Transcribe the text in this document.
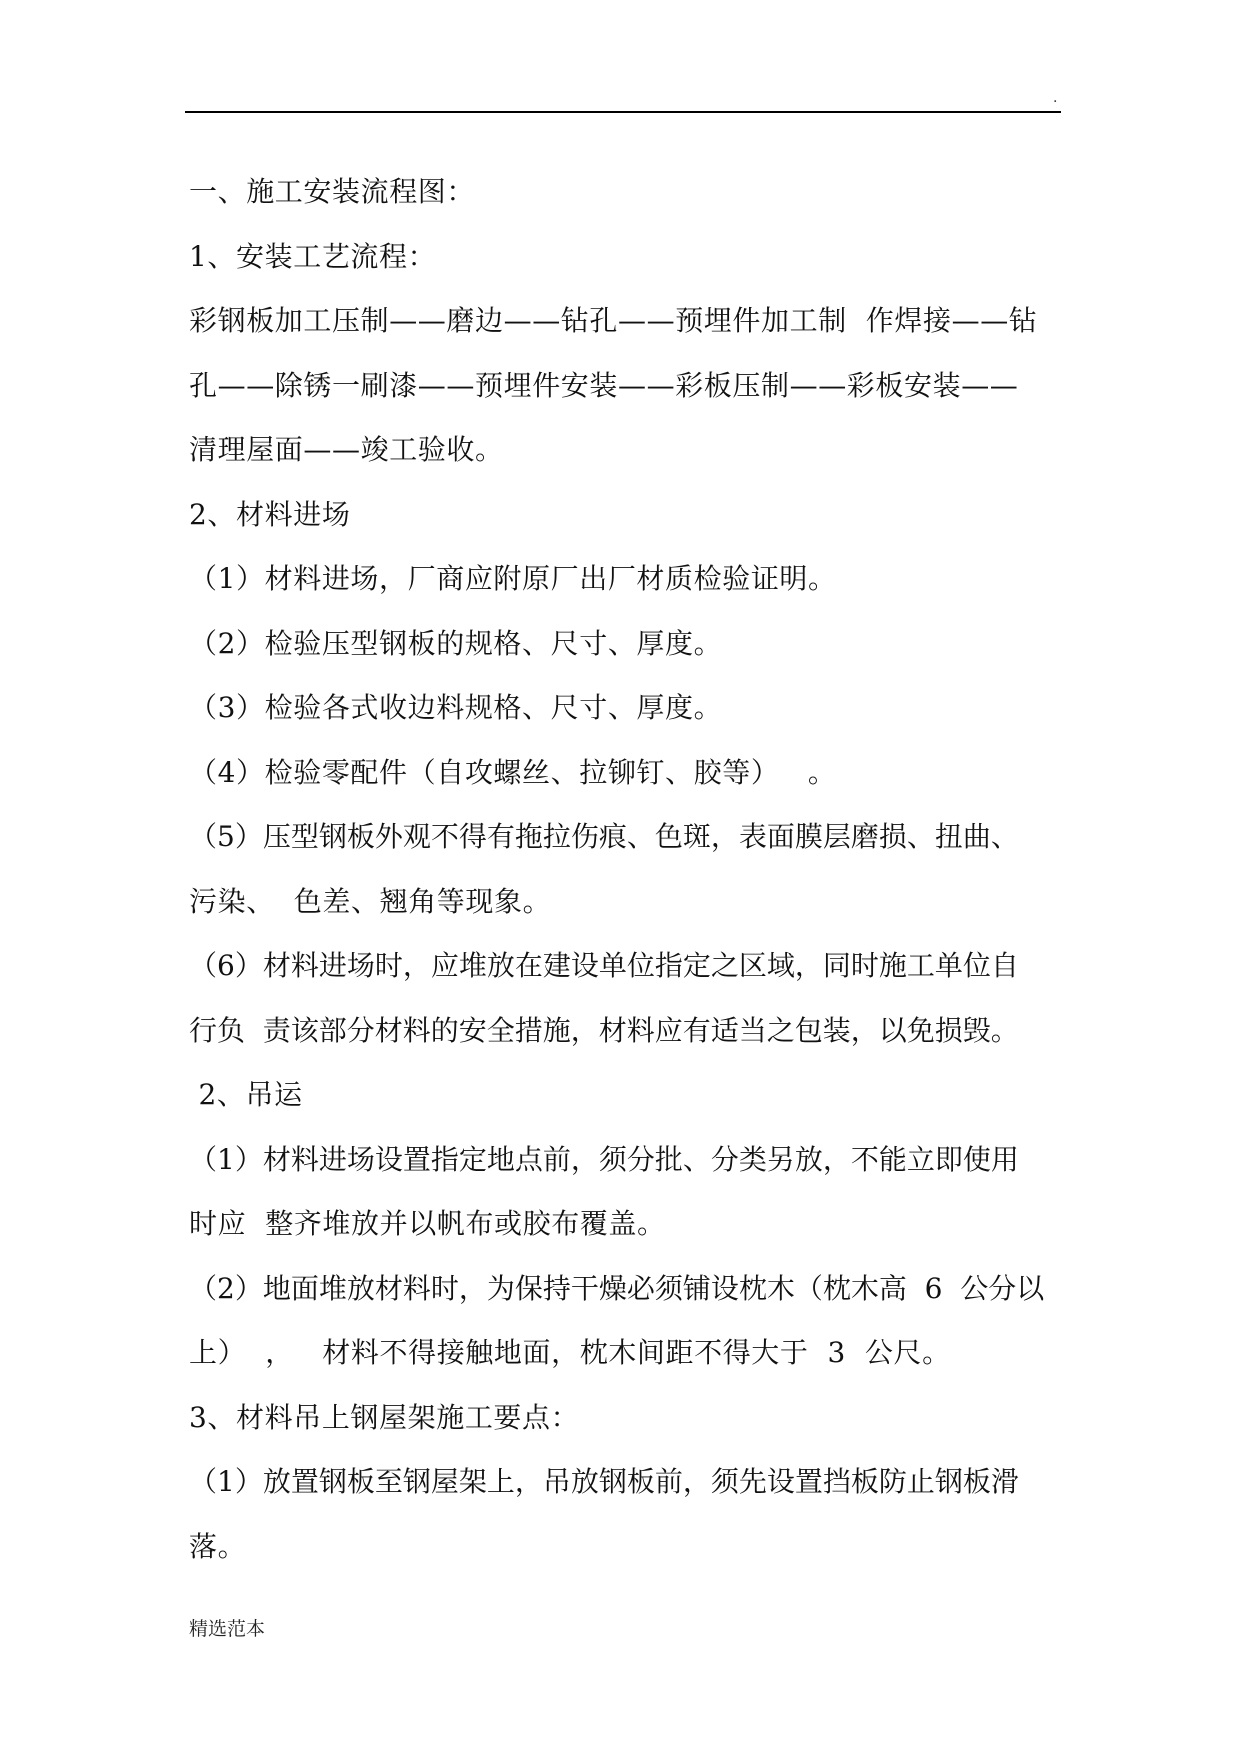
.
一、施工安装流程图：
1、安装工艺流程：
彩钢板加工压制——磨边——钻孔——预埋件加工制  作焊接——钻
孔——除锈一刷漆——预埋件安装——彩板压制——彩板安装——
清理屋面——竣工验收。
2、材料进场
（1）材料进场，厂商应附原厂出厂材质检验证明。
（2）检验压型钢板的规格、尺寸、厚度。
（3）检验各式收边料规格、尺寸、厚度。
（4）检验零配件（自攻螺丝、拉铆钉、胶等）   。
（5）压型钢板外观不得有拖拉伤痕、色斑，表面膜层磨损、扭曲、
污染、  色差、翘角等现象。
（6）材料进场时，应堆放在建设单位指定之区域，同时施工单位自
行负  责该部分材料的安全措施，材料应有适当之包装，以免损毁。
2、吊运
（1）材料进场设置指定地点前，须分批、分类另放，不能立即使用
时应  整齐堆放并以帆布或胶布覆盖。
（2）地面堆放材料时，为保持干燥必须铺设枕木（枕木高  6  公分以
上）  ，   材料不得接触地面，枕木间距不得大于  3  公尺。
3、材料吊上钢屋架施工要点：
（1）放置钢板至钢屋架上，吊放钢板前，须先设置挡板防止钢板滑
落。
精选范本
